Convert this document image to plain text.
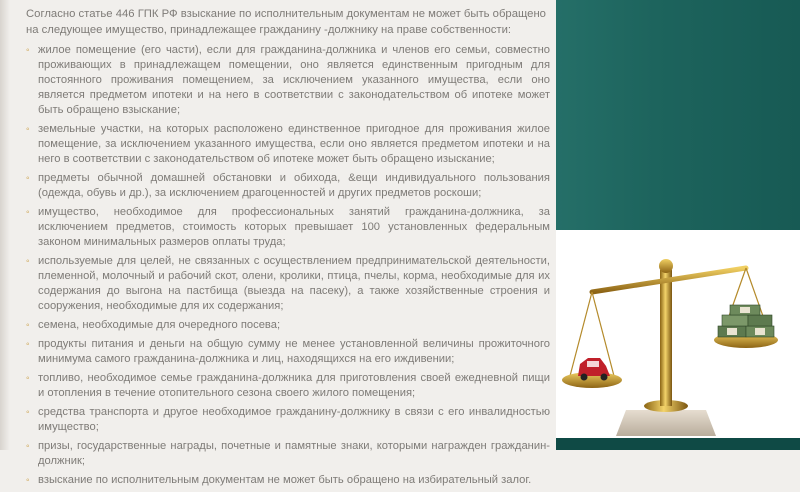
Согласно статье 446 ГПК РФ взыскание по исполнительным документам не может быть обращено на следующее имущество, принадлежащее гражданину -должнику на праве собственности:

◦ жилое помещение (его части), если для гражданина-должника и членов его семьи, совместно проживающих в принадлежащем помещении, оно является единственным пригодным для постоянного проживания помещением, за исключением указанного имущества, если оно является предметом ипотеки и на него в соответствии с законодательством об ипотеке может быть обращено взыскание;
◦ земельные участки, на которых расположено единственное пригодное для проживания жилое помещение, за исключением указанного имущества, если оно является предметом ипотеки и на него в соответствии с законодательством об ипотеке может быть обращено изыскание;
◦ предметы обычной домашней обстановки и обихода, &ещи индивидуального пользования (одежда, обувь и др.), за исключением драгоценностей и других предметов роскоши;
◦ имущество, необходимое для профессиональных занятий гражданина-должника, за исключением предметов, стоимость которых превышает 100 установленных федеральным законом минимальных размеров оплаты труда;
◦ используемые для целей, не связанных с осуществлением предпринимательской деятельности, племенной, молочный и рабочий скот, олени, кролики, птица, пчелы, корма, необходимые для их содержания до выгона на пастбища (выезда на пасеку), а также хозяйственные строения и сооружения, необходимые для их содержания;
◦ семена, необходимые для очередного посева;
◦ продукты питания и деньги на общую сумму не менее установленной величины прожиточного минимума самого гражданина-должника и лиц, находящихся на его иждивении;
◦ топливо, необходимое семье гражданина-должника для приготовления своей ежедневной пищи и отопления в течение отопительного сезона своего жилого помещения;
◦ средства транспорта и другое необходимое гражданину-должнику в связи с его инвалидностью имущество;
◦ призы, государственные награды, почетные и памятные знаки, которыми награжден гражданин-должник;
◦ взыскание по исполнительным документам не может быть обращено на избирательный залог.
